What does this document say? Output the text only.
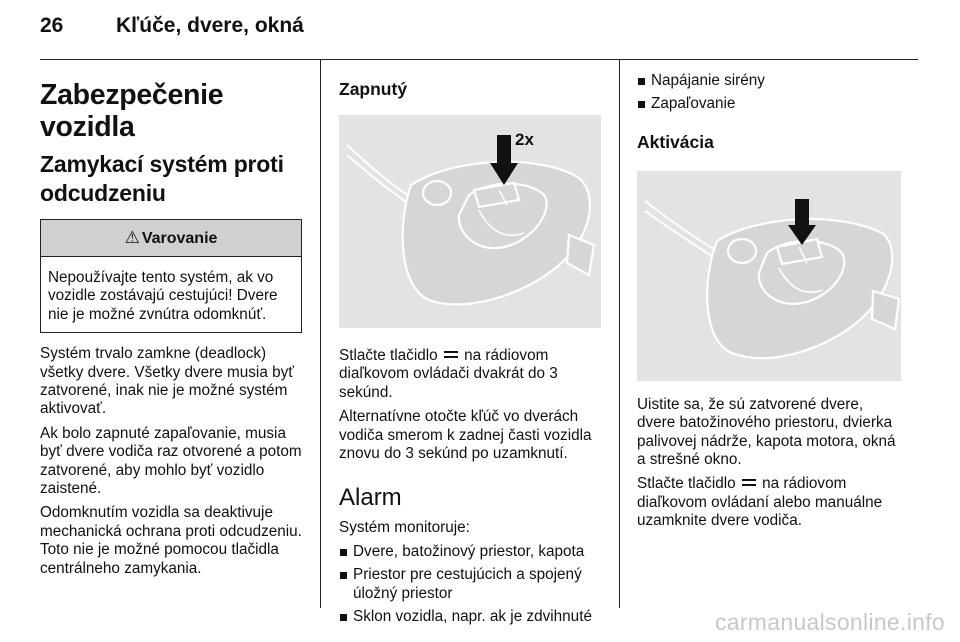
26	Kľúče, dvere, okná
Zabezpečenie vozidla
Zamykací systém proti odcudzeniu
⚠ Varovanie
Nepoužívajte tento systém, ak vo vozidle zostávajú cestujúci! Dvere nie je možné zvnútra odomknúť.

Systém trvalo zamkne (deadlock) všetky dvere. Všetky dvere musia byť zatvorené, inak nie je možné systém aktivovať.

Ak bolo zapnuté zapaľovanie, musia byť dvere vodiča raz otvorené a potom zatvorené, aby mohlo byť vozidlo zaistené.

Odomknutím vozidla sa deaktivuje mechanická ochrana proti odcudzeniu. Toto nie je možné pomocou tlačidla centrálneho zamykania.

Zapnutý
2x

Stlačte tlačidlo na rádiovom diaľkovom ovládači dvakrát do 3 sekúnd.

Alternatívne otočte kľúč vo dverách vodiča smerom k zadnej časti vozidla znovu do 3 sekúnd po uzamknutí.

Alarm

Systém monitoruje:

Dvere, batožinový priestor, kapota
Priestor pre cestujúcich a spojený úložný priestor
Sklon vozidla, napr. ak je zdvihnuté
Napájanie sirény
Zapaľovanie
Aktivácia

Uistite sa, že sú zatvorené dvere, dvere batožinového priestoru, dvierka palivovej nádrže, kapota motora, okná a strešné okno.

Stlačte tlačidlo na rádiovom diaľkovom ovládaní alebo manuálne uzamknite dvere vodiča.

carmanualsonline.info
